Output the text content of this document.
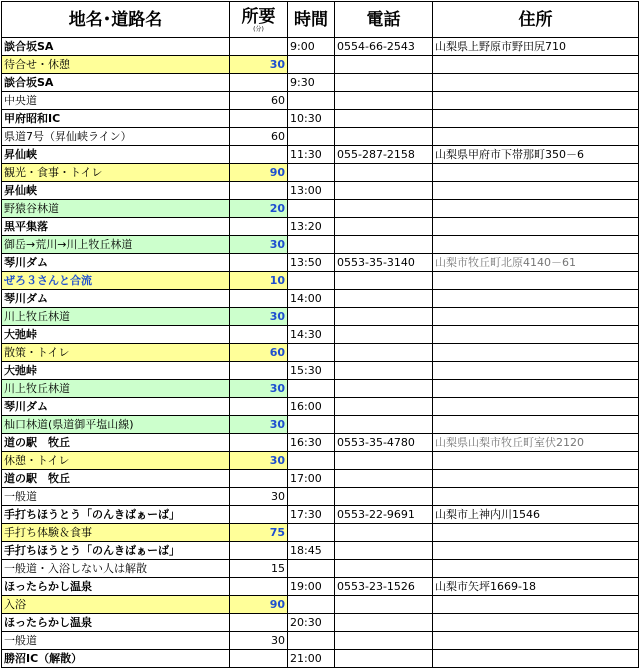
地名･道路名	所要
(分)	時間	電話	住所

談合坂SA		9:00	0554-66-2543	山梨県上野原市野田尻710
待合せ・休憩	30			
談合坂SA		9:30		
中央道	60			
甲府昭和IC		10:30		
県道7号（昇仙峡ライン）	60			
昇仙峡		11:30	055-287-2158	山梨県甲府市下帯那町350－6
観光・食事・トイレ	90			
昇仙峡		13:00		
野猿谷林道	20			
黒平集落		13:20		
御岳→荒川→川上牧丘林道	30			
琴川ダム		13:50	0553-35-3140	山梨市牧丘町北原4140－61
ぜろ３さんと合流	10			
琴川ダム		14:00		
川上牧丘林道	30			
大弛峠		14:30		
散策・トイレ	60			
大弛峠		15:30		
川上牧丘林道	30			
琴川ダム		16:00		
杣口林道(県道御平塩山線)	30			
道の駅　牧丘		16:30	0553-35-4780	山梨県山梨市牧丘町室伏2120
休憩・トイレ	30			
道の駅　牧丘		17:00		
一般道	30			
手打ちほうとう「のんきばぁーば」		17:30	0553-22-9691	山梨市上神内川1546
手打ち体験＆食事	75			
手打ちほうとう「のんきばぁーば」		18:45		
一般道・入浴しない人は解散	15			
ほったらかし温泉		19:00	0553-23-1526	山梨市矢坪1669-18
入浴	90			
ほったらかし温泉		20:30		
一般道	30			
勝沼IC（解散）		21:00		
